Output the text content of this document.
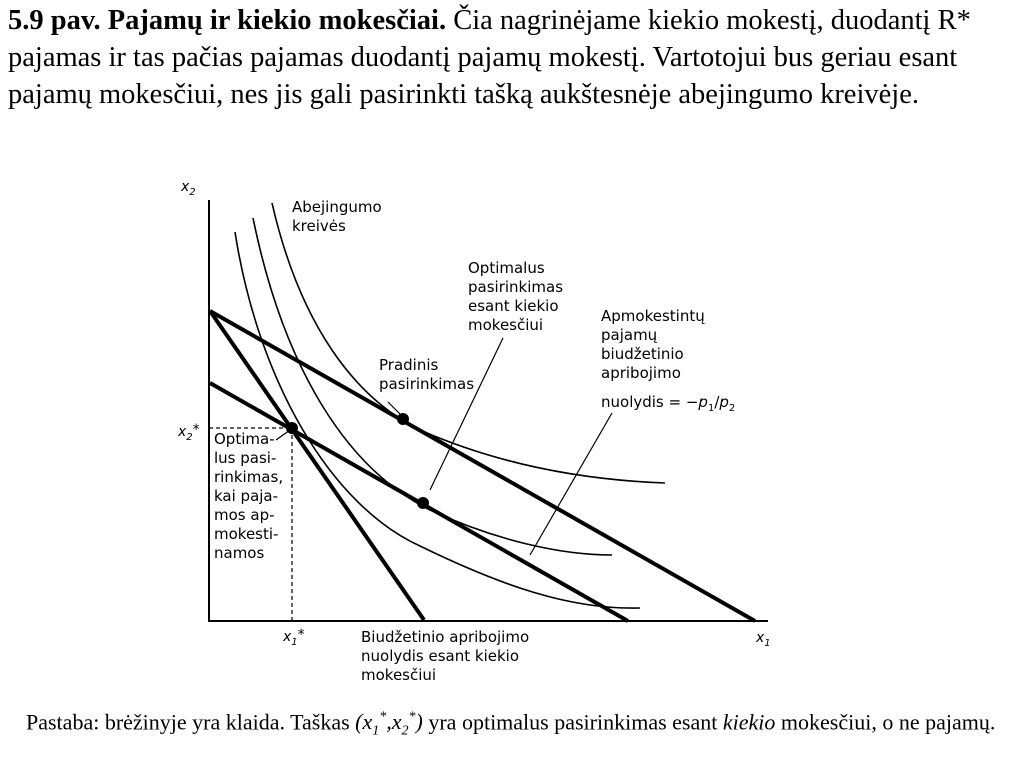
5.9 pav. Pajamų ir kiekio mokesčiai. Čia nagrinėjame kiekio mokestį, duodantį R* pajamas ir tas pačias pajamas duodantį pajamų mokestį. Vartotojui bus geriau esant pajamų mokesčiui, nes jis gali pasirinkti tašką aukštesnėje abejingumo kreivėje.
$x_2$
$x_1$
$x_2*$
$x_1*$
Abejingumo kreivės
Optimalus pasirinkimas esant kiekio mokesčiui
Pradinis pasirinkimas
Apmokestintų pajamų biudžetinio apribojimo
nuolydis = $-p_1/p_2$
Optima- lus pasi- rinkimas, kai paja- mos ap- mokesti- namos
Biudžetinio apribojimo nuolydis esant kiekio mokesčiui
Pastaba: brėžinyje yra klaida. Taškas $(x_1^*,x_2^*)$ yra optimalus pasirinkimas esant kiekio mokesčiui, o ne pajamų.
